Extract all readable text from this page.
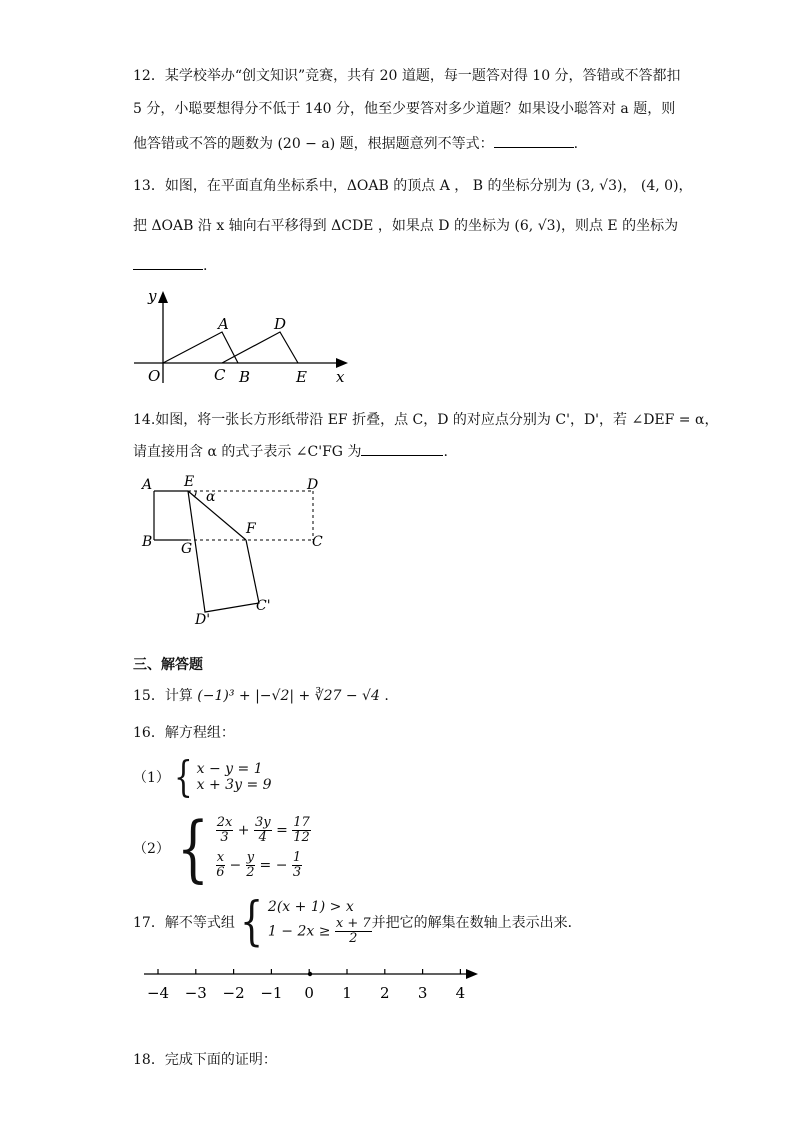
12．某学校举办“创文知识”竞赛，共有 20 道题，每一题答对得 10 分，答错或不答都扣
5 分，小聪要想得分不低于 140 分，他至少要答对多少道题？如果设小聪答对 a 题，则
他答错或不答的题数为 (20 − a) 题，根据题意列不等式：	.
13．如图，在平面直角坐标系中，ΔOAB 的顶点 A ， B 的坐标分别为 (3, √3)， (4, 0)，
把 ΔOAB 沿 x 轴向右平移得到 ΔCDE ，如果点 D 的坐标为 (6, √3)，则点 E 的坐标为
.
y
x
O
A
C B
D
E
14.如图，将一张长方形纸带沿 EF 折叠，点 C，D 的对应点分别为 C'，D'，若 ∠DEF = α，
请直接用含 α 的式子表示 ∠C'FG 为	.
A E	D
α
F
B G	C
C'
D'
三、解答题
15．计算 (−1)³ + |−√2| + ∛27 − √4 .
16．解方程组：
（1） { x − y = 1
x + 3y = 9
（2） { $\frac{2x}{3} + \frac{3y}{4} = \frac{17}{12}$
$\frac{x}{6} - \frac{y}{2}$ = − $\frac{1}{3}$
17．解不等式组 { 2(x + 1) > x
$1 - 2x \ge \frac{x + 7}{2}$ 并把它的解集在数轴上表示出来．
−4 −3 −2 −1 0 1 2 3 4
18．完成下面的证明：
